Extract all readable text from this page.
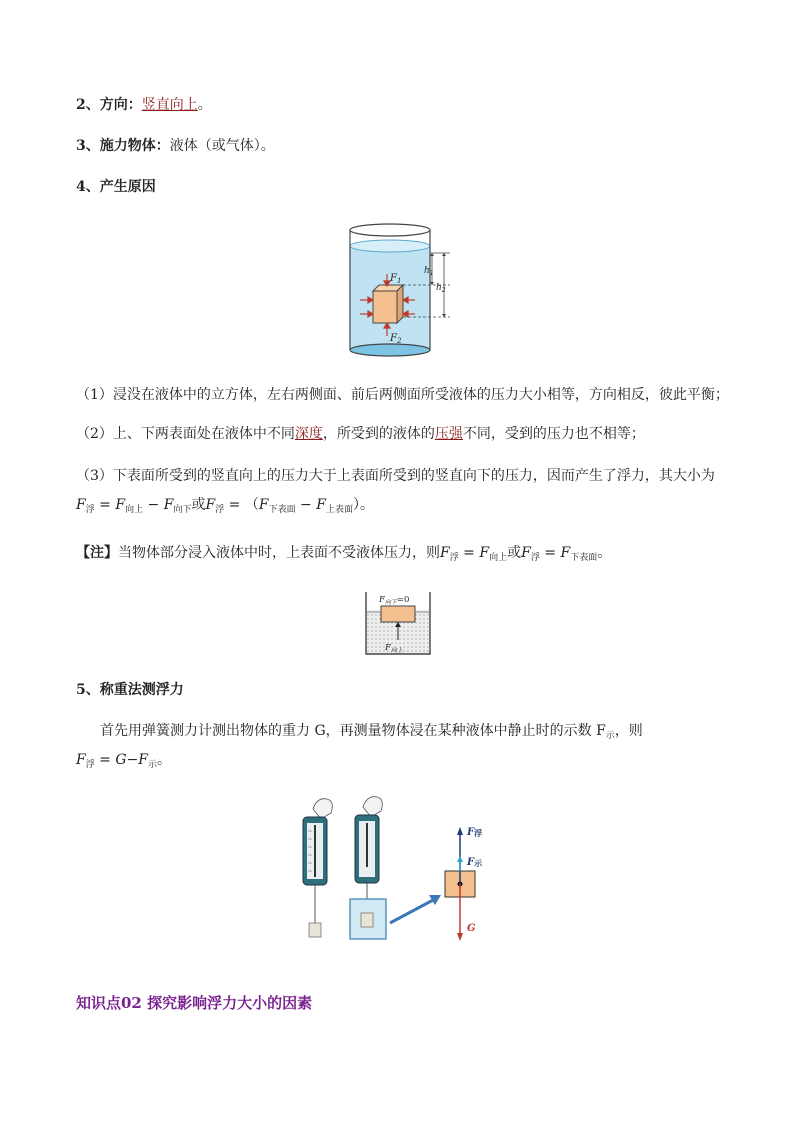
2、方向：竖直向上。
3、施力物体：液体（或气体）。
4、产生原因
$F_1$
$F_2$
$h_1$
$h_2$
（1）浸没在液体中的立方体，左右两侧面、前后两侧面所受液体的压力大小相等，方向相反，彼此平衡；
（2）上、下两表面处在液体中不同深度，所受到的液体的压强不同，受到的压力也不相等；
（3）下表面所受到的竖直向上的压力大于上表面所受到的竖直向下的压力，因而产生了浮力，其大小为
$F_浮 = F_{向上} - F_{向下}$或$F_浮 = (F_{下表面} - F_{上表面})$。
【注】当物体部分浸入液体中时，上表面不受液体压力，则$F_浮 = F_{向上}$或$F_浮 = F_{下表面}$。
$F_{向下}=0$
$F_{向上}$
5、称重法测浮力
首先用弹簧测力计测出物体的重力 G，再测量物体浸在某种液体中静止时的示数 $F_示$，则
$F_浮 = G-F_示$。
F浮
F示
G
知识点02 探究影响浮力大小的因素
